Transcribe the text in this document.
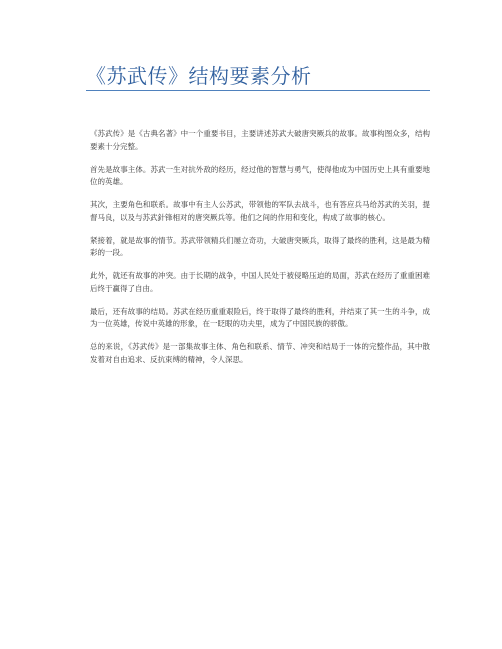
《苏武传》结构要素分析

《苏武传》是《古典名著》中一个重要书目，主要讲述苏武大破唐突厥兵的故事。故事构图众多，结构要素十分完整。

首先是故事主体。苏武一生对抗外敌的经历，经过他的智慧与勇气，使得他成为中国历史上具有重要地位的英雄。

其次，主要角色和联系。故事中有主人公苏武，带领他的军队去战斗，也有答应兵马给苏武的关羽，提督马良，以及与苏武針锋相对的唐突厥兵等。他们之间的作用和变化，构成了故事的核心。

紧接着，就是故事的情节。苏武带领精兵们屡立奇功，大破唐突厥兵，取得了最终的胜利，这是最为精彩的一段。

此外，就还有故事的冲突。由于长期的战争，中国人民处于被侵略压迫的局面，苏武在经历了重重困难后终于赢得了自由。

最后，还有故事的结局。苏武在经历重重艰险后，终于取得了最终的胜利，并结束了其一生的斗争，成为一位英雄，传说中英雄的形象，在一眨眼的功夫里，成为了中国民族的骄傲。

总的来说，《苏武传》是一部集故事主体、角色和联系、情节、冲突和结局于一体的完整作品，其中散发着对自由追求、反抗束缚的精神，令人深思。
